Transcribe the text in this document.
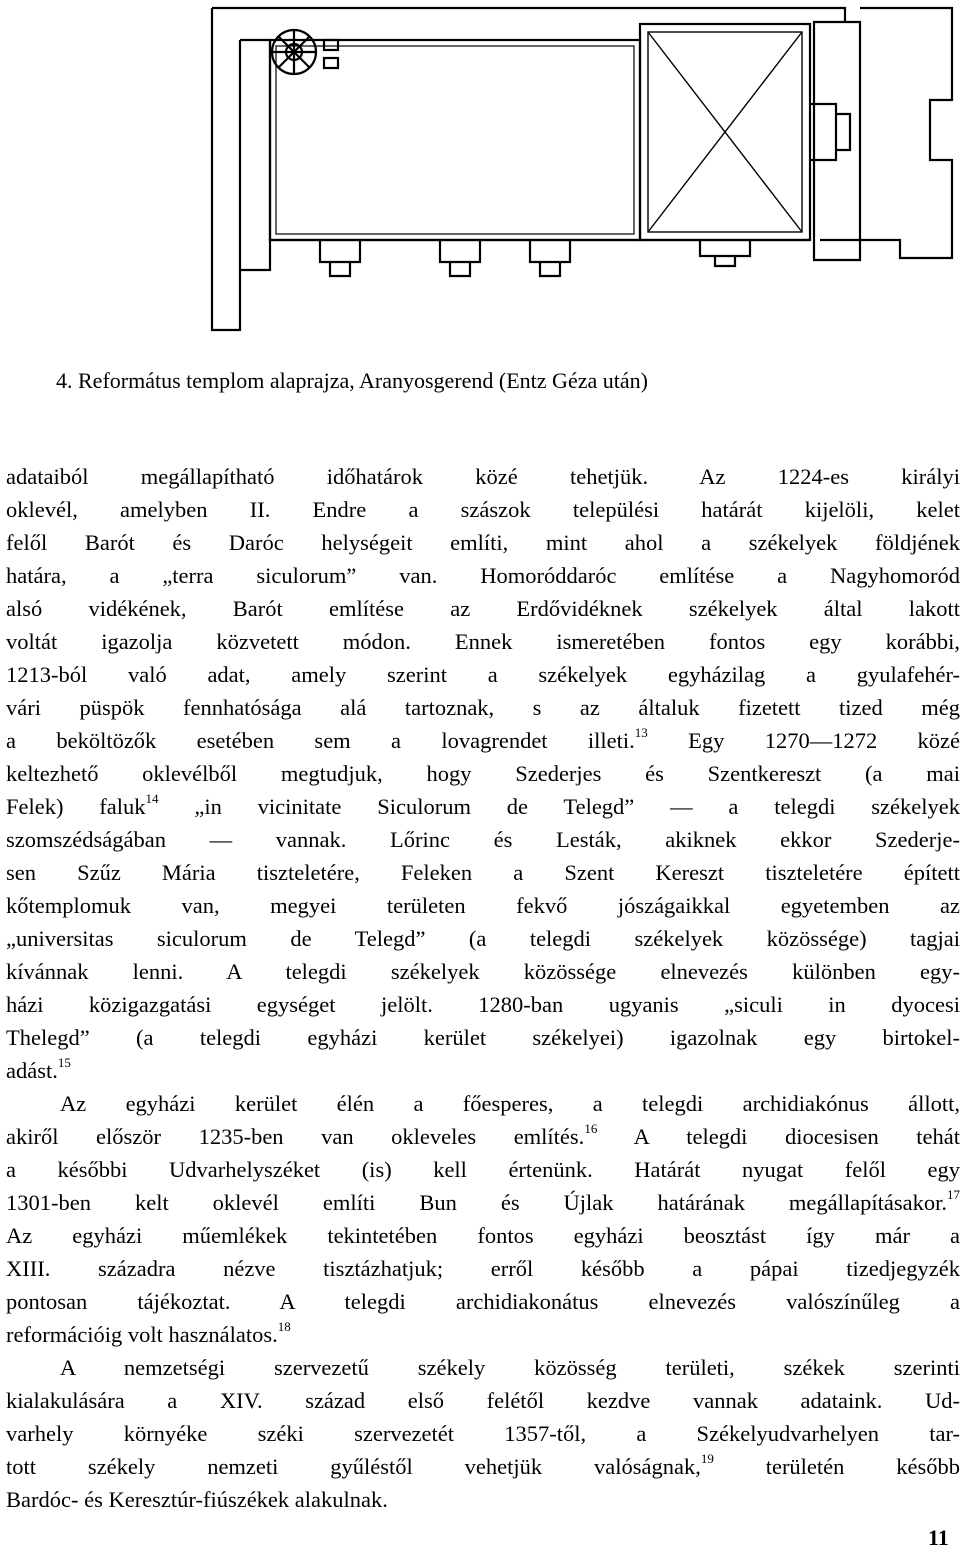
4. Református templom alaprajza, Aranyosgerend (Entz Géza után)
adataiból megállapítható időhatárok közé tehetjük. Az 1224-es királyi
oklevél, amelyben II. Endre a szászok települési határát kijelöli, kelet
felől Barót és Daróc helységeit említi, mint ahol a székelyek földjének
határa, a „terra siculorum” van. Homoróddaróc említése a Nagyhomoród
alsó vidékének, Barót említése az Erdővidéknek székelyek által lakott
voltát igazolja közvetett módon. Ennek ismeretében fontos egy korábbi,
1213-ból való adat, amely szerint a székelyek egyházilag a gyulafehér-
vári püspök fennhatósága alá tartoznak, s az általuk fizetett tized még
a beköltözők esetében sem a lovagrendet illeti.$^{13}$ Egy 1270—1272 közé
keltezhető oklevélből megtudjuk, hogy Szederjes és Szentkereszt (a mai
Felek) faluk$^{14}$ „in vicinitate Siculorum de Telegd” — a telegdi székelyek
szomszédságában — vannak. Lőrinc és Lesták, akiknek ekkor Szederje-
sen Szűz Mária tiszteletére, Feleken a Szent Kereszt tiszteletére épített
kőtemplomuk van, megyei területen fekvő jószágaikkal egyetemben az
„universitas siculorum de Telegd” (a telegdi székelyek közössége) tagjai
kívánnak lenni. A telegdi székelyek közössége elnevezés különben egy-
házi közigazgatási egységet jelölt. 1280-ban ugyanis „siculi in dyocesi
Thelegd” (a telegdi egyházi kerület székelyei) igazolnak egy birtokel-
adást.$^{15}$
Az egyházi kerület élén a főesperes, a telegdi archidiakónus állott,
akiről először 1235-ben van okleveles említés.$^{16}$ A telegdi diocesisen tehát
a későbbi Udvarhelyszéket (is) kell értenünk. Határát nyugat felől egy
1301-ben kelt oklevél említi Bun és Újlak határának megállapításakor.$^{17}$
Az egyházi műemlékek tekintetében fontos egyházi beosztást így már a
XIII. századra nézve tisztázhatjuk; erről később a pápai tizedjegyzék
pontosan tájékoztat. A telegdi archidiakonátus elnevezés valószínűleg a
reformációig volt használatos.$^{18}$
A nemzetségi szervezetű székely közösség területi, székek szerinti
kialakulására a XIV. század első felétől kezdve vannak adataink. Ud-
varhely környéke széki szervezetét 1357-től, a Székelyudvarhelyen tar-
tott székely nemzeti gyűléstől vehetjük valóságnak,$^{19}$ területén később
Bardóc- és Keresztúr-fiúszékek alakulnak.
11
